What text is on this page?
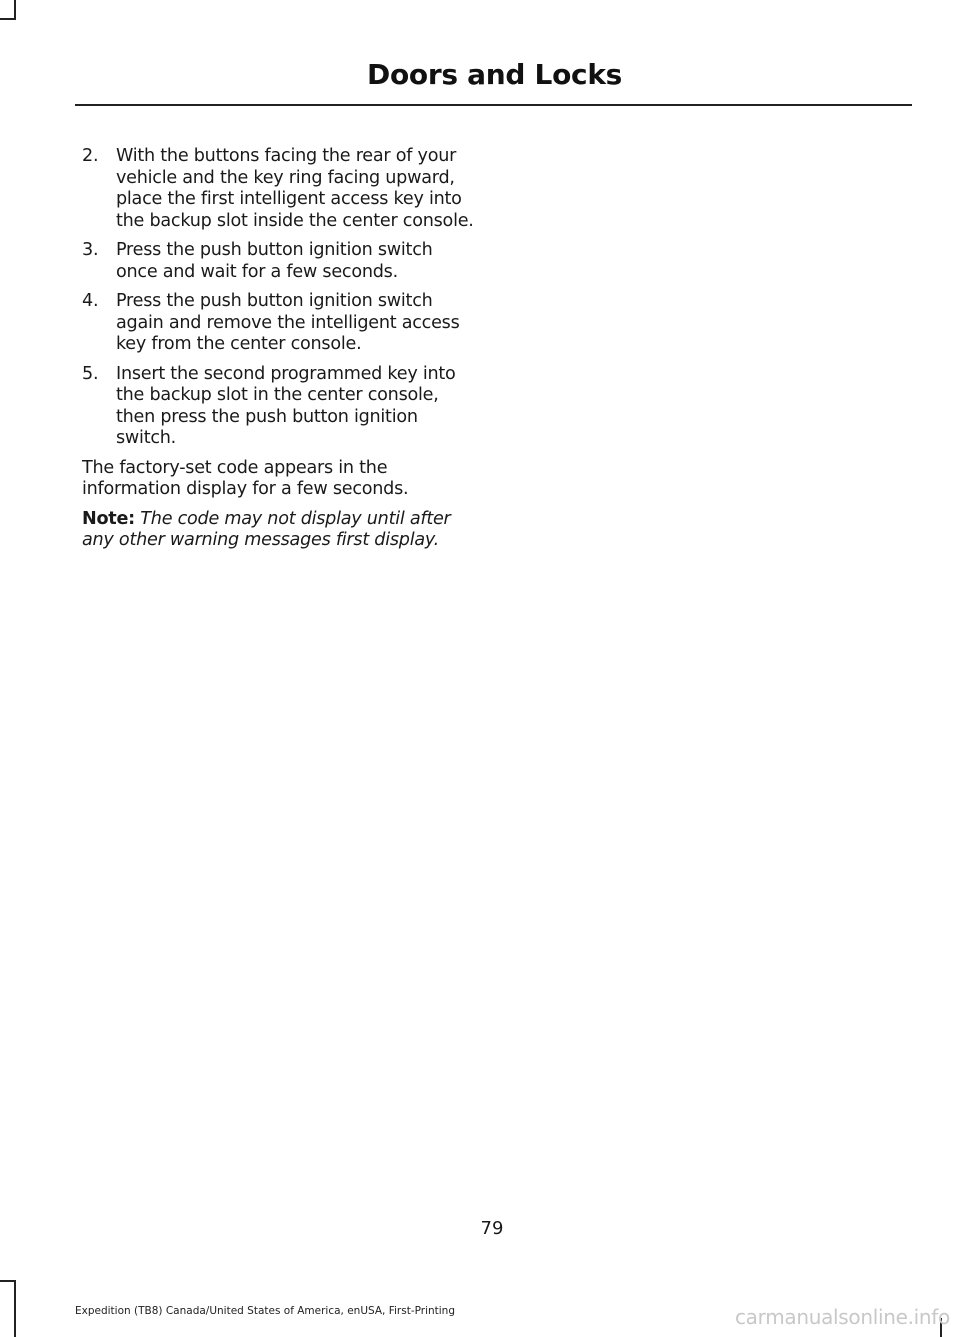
Doors and Locks
2.	With the buttons facing the rear of your vehicle and the key ring facing upward, place the first intelligent access key into the backup slot inside the center console.
3.	Press the push button ignition switch once and wait for a few seconds.
4.	Press the push button ignition switch again and remove the intelligent access key from the center console.
5.	Insert the second programmed key into the backup slot in the center console, then press the push button ignition switch.

The factory-set code appears in the information display for a few seconds.

Note: The code may not display until after any other warning messages first display.

79
Expedition (TB8) Canada/United States of America, enUSA, First-Printing	carmanualsonline.info
